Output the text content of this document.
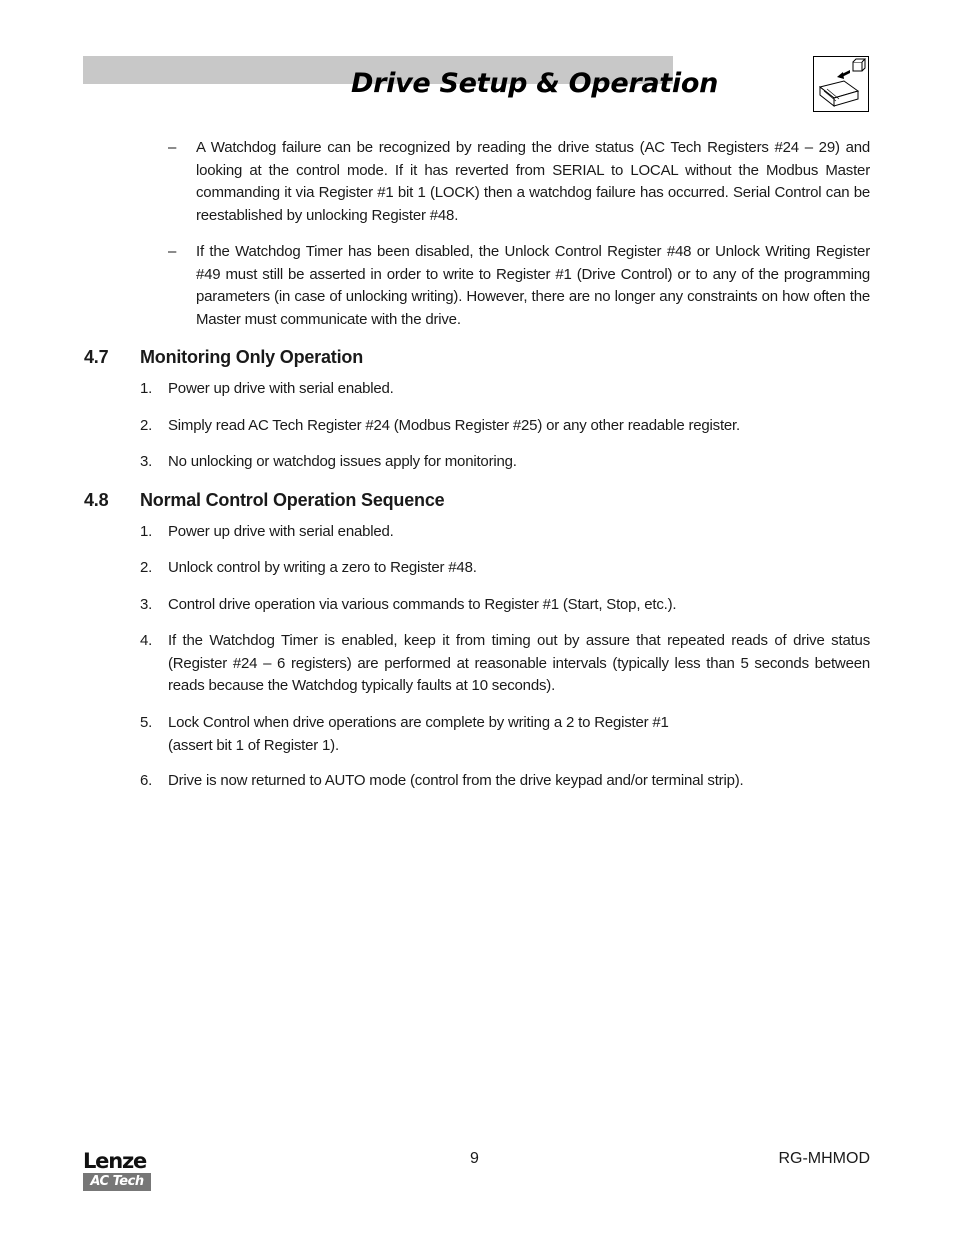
Drive Setup & Operation
– A Watchdog failure can be recognized by reading the drive status (AC Tech Registers #24 – 29) and looking at the control mode. If it has reverted from SERIAL to LOCAL without the Modbus Master commanding it via Register #1 bit 1 (LOCK) then a watchdog failure has occurred. Serial Control can be reestablished by unlocking Register #48.
– If the Watchdog Timer has been disabled, the Unlock Control Register #48 or Unlock Writing Register #49 must still be asserted in order to write to Register #1 (Drive Control) or to any of the programming parameters (in case of unlocking writing). However, there are no longer any constraints on how often the Master must communicate with the drive.
4.7 Monitoring Only Operation
1. Power up drive with serial enabled.
2. Simply read AC Tech Register #24 (Modbus Register #25) or any other readable register.
3. No unlocking or watchdog issues apply for monitoring.
4.8 Normal Control Operation Sequence
1. Power up drive with serial enabled.
2. Unlock control by writing a zero to Register #48.
3. Control drive operation via various commands to Register #1 (Start, Stop, etc.).
4. If the Watchdog Timer is enabled, keep it from timing out by assure that repeated reads of drive status (Register #24 – 6 registers) are performed at reasonable intervals (typically less than 5 seconds between reads because the Watchdog typically faults at 10 seconds).
5. Lock Control when drive operations are complete by writing a 2 to Register #1
(assert bit 1 of Register 1).
6. Drive is now returned to AUTO mode (control from the drive keypad and/or terminal strip).
Lenze
AC Tech
9	RG-MHMOD
